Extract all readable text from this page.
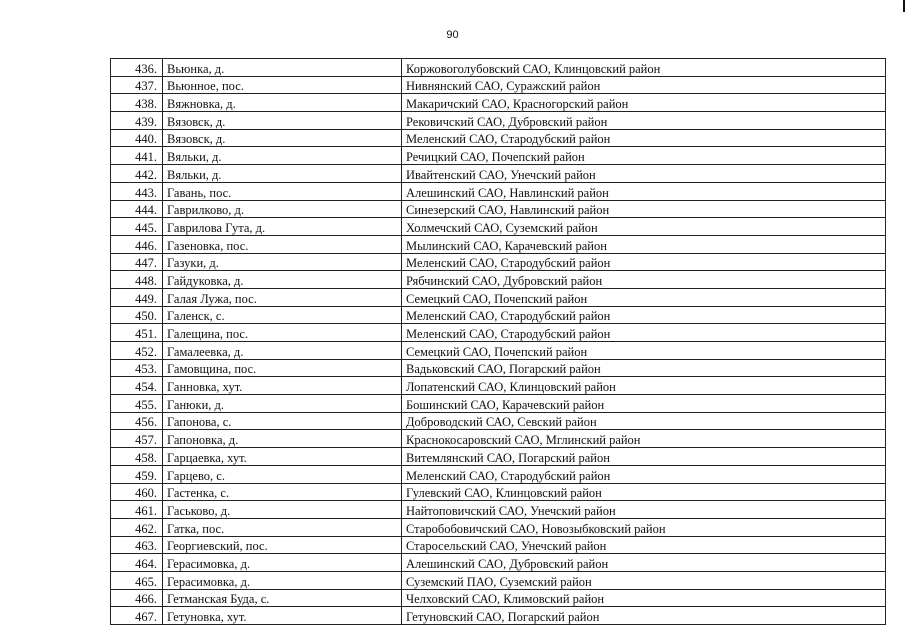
90
436.	Вьюнка, д.	Коржовоголубовский САО, Клинцовский район
437.	Вьюнное, пос.	Нивнянский САО, Суражский район
438.	Вяжновка, д.	Макаричский САО, Красногорский район
439.	Вязовск, д.	Рековичский САО, Дубровский район
440.	Вязовск, д.	Меленский САО, Стародубский район
441.	Вяльки, д.	Речицкий САО, Почепский район
442.	Вяльки, д.	Ивайтенский САО, Унечский район
443.	Гавань, пос.	Алешинский САО, Навлинский район
444.	Гаврилково, д.	Синезерский САО, Навлинский район
445.	Гаврилова Гута, д.	Холмечский САО, Суземский район
446.	Газеновка, пос.	Мылинский САО, Карачевский район
447.	Газуки, д.	Меленский САО, Стародубский район
448.	Гайдуковка, д.	Рябчинский САО, Дубровский район
449.	Галая Лужа, пос.	Семецкий САО, Почепский район
450.	Галенск, с.	Меленский САО, Стародубский район
451.	Галещина, пос.	Меленский САО, Стародубский район
452.	Гамалеевка, д.	Семецкий САО, Почепский район
453.	Гамовщина, пос.	Вадьковский САО, Погарский район
454.	Ганновка, хут.	Лопатенский САО, Клинцовский район
455.	Ганюки, д.	Бошинский САО, Карачевский район
456.	Гапонова, с.	Доброводский САО, Севский район
457.	Гапоновка, д.	Краснокосаровский САО, Мглинский район
458.	Гарцаевка, хут.	Витемлянский САО, Погарский район
459.	Гарцево, с.	Меленский САО, Стародубский район
460.	Гастенка, с.	Гулевский САО, Клинцовский район
461.	Гаськово, д.	Найтоповичский САО, Унечский район
462.	Гатка, пос.	Старобобовичский САО, Новозыбковский район
463.	Георгиевский, пос.	Старосельский САО, Унечский район
464.	Герасимовка, д.	Алешинский САО, Дубровский район
465.	Герасимовка, д.	Суземский ПАО, Суземский район
466.	Гетманская Буда, с.	Челховский САО, Климовский район
467.	Гетуновка, хут.	Гетуновский САО, Погарский район
